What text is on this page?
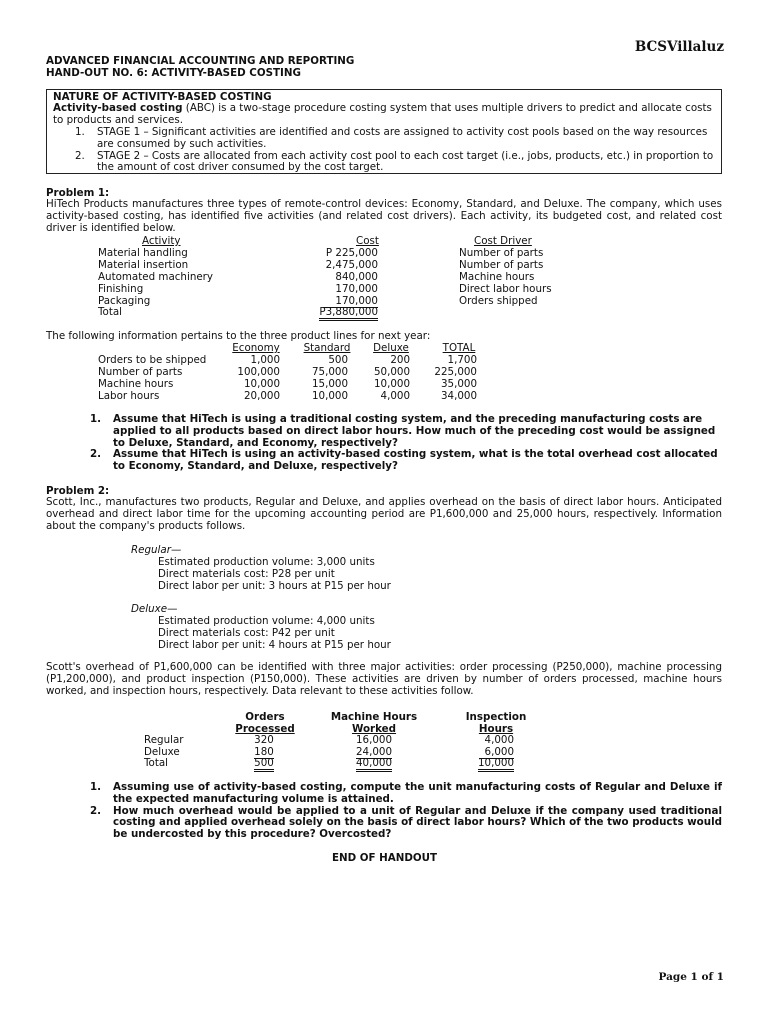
BCSVillaluz
ADVANCED FINANCIAL ACCOUNTING AND REPORTING
HAND-OUT NO. 6: ACTIVITY-BASED COSTING
NATURE OF ACTIVITY-BASED COSTING
Activity-based costing (ABC) is a two-stage procedure costing system that uses multiple drivers to predict and allocate costs to products and services.
1.	STAGE 1 – Significant activities are identified and costs are assigned to activity cost pools based on the way resources are consumed by such activities.
2.	STAGE 2 – Costs are allocated from each activity cost pool to each cost target (i.e., jobs, products, etc.) in proportion to the amount of cost driver consumed by the cost target.
Problem 1:
HiTech Products manufactures three types of remote-control devices: Economy, Standard, and Deluxe. The company, which uses activity-based costing, has identified five activities (and related cost drivers). Each activity, its budgeted cost, and related cost driver is identified below.
Activity	Cost	Cost Driver
Material handling	P 225,000	Number of parts
Material insertion	2,475,000	Number of parts
Automated machinery	840,000	Machine hours
Finishing	170,000	Direct labor hours
Packaging	170,000	Orders shipped
Total	P3,880,000
The following information pertains to the three product lines for next year:
Economy	Standard	Deluxe	TOTAL
Orders to be shipped	1,000	500	200	1,700
Number of parts	100,000	75,000	50,000	225,000
Machine hours	10,000	15,000	10,000	35,000
Labor hours	20,000	10,000	4,000	34,000
1.	Assume that HiTech is using a traditional costing system, and the preceding manufacturing costs are applied to all products based on direct labor hours. How much of the preceding cost would be assigned to Deluxe, Standard, and Economy, respectively?
2.	Assume that HiTech is using an activity-based costing system, what is the total overhead cost allocated to Economy, Standard, and Deluxe, respectively?
Problem 2:
Scott, Inc., manufactures two products, Regular and Deluxe, and applies overhead on the basis of direct labor hours. Anticipated overhead and direct labor time for the upcoming accounting period are P1,600,000 and 25,000 hours, respectively. Information about the company's products follows.
Regular—
Estimated production volume: 3,000 units
Direct materials cost: P28 per unit
Direct labor per unit: 3 hours at P15 per hour
Deluxe—
Estimated production volume: 4,000 units
Direct materials cost: P42 per unit
Direct labor per unit: 4 hours at P15 per hour
Scott's overhead of P1,600,000 can be identified with three major activities: order processing (P250,000), machine processing (P1,200,000), and product inspection (P150,000). These activities are driven by number of orders processed, machine hours worked, and inspection hours, respectively. Data relevant to these activities follow.
Orders	Machine Hours	Inspection
Processed	Worked	Hours
Regular	320	16,000	4,000
Deluxe	180	24,000	6,000
Total	500	40,000	10,000
1.	Assuming use of activity-based costing, compute the unit manufacturing costs of Regular and Deluxe if the expected manufacturing volume is attained.
2.	How much overhead would be applied to a unit of Regular and Deluxe if the company used traditional costing and applied overhead solely on the basis of direct labor hours? Which of the two products would be undercosted by this procedure? Overcosted?
END OF HANDOUT
Page 1 of 1
